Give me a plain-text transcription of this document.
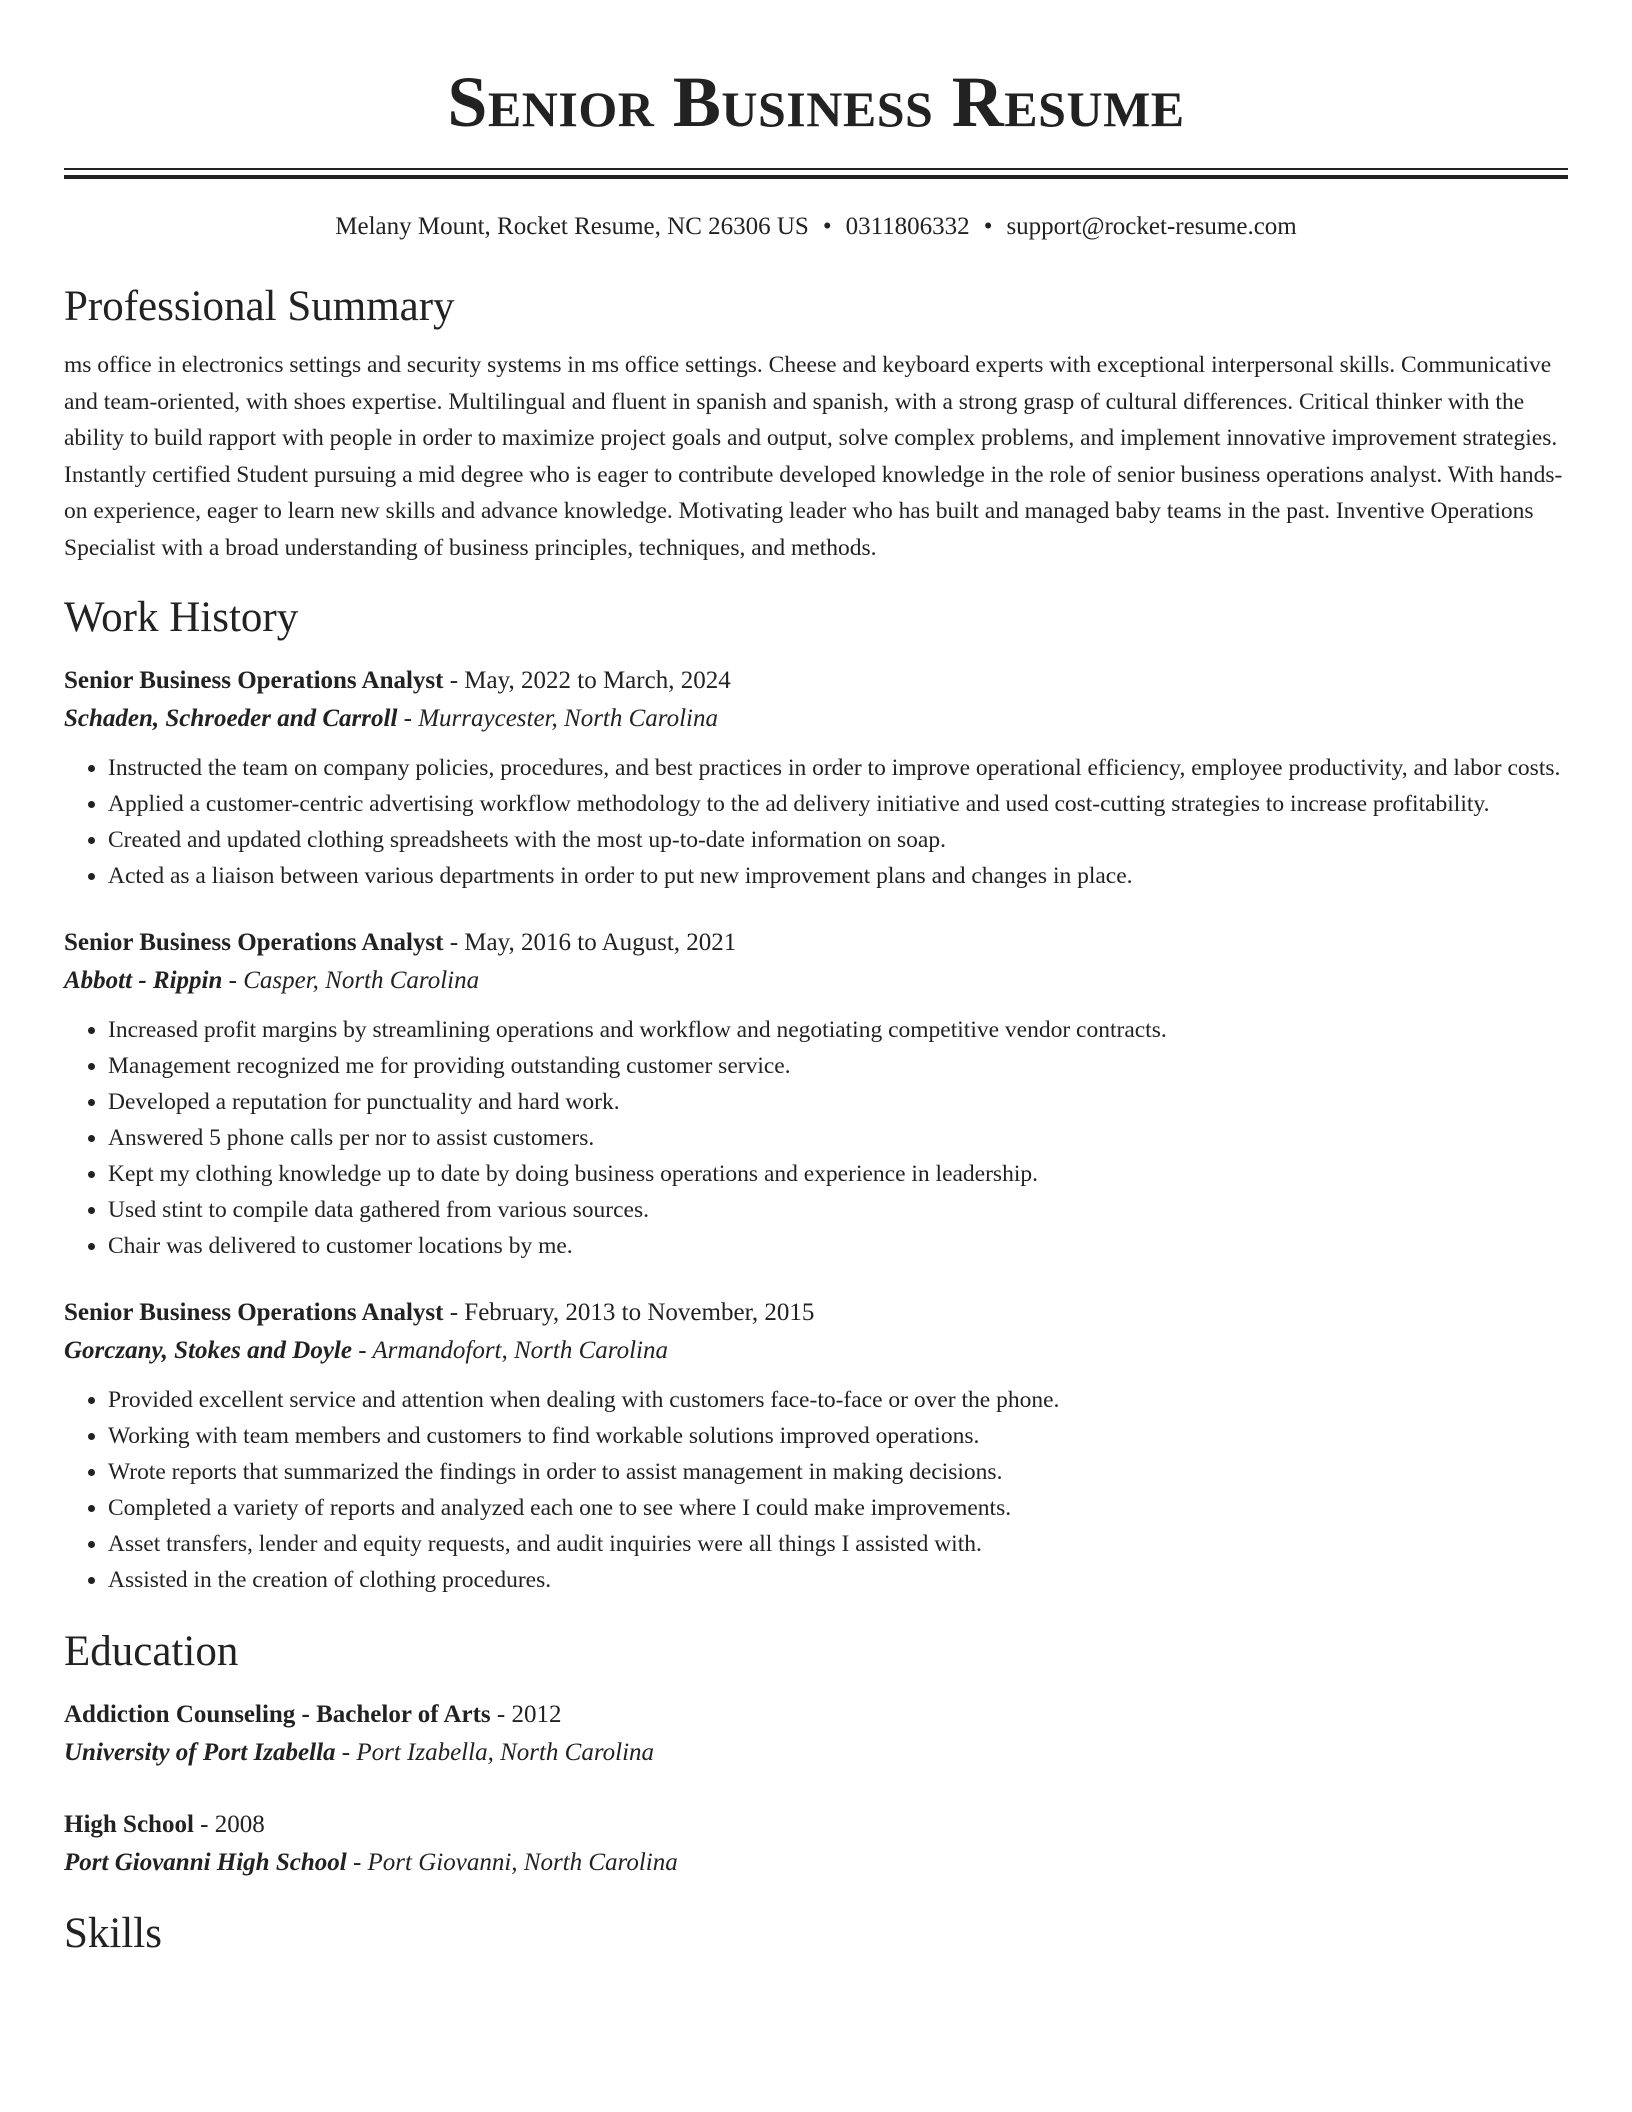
Senior Business Resume
Melany Mount, Rocket Resume, NC 26306 US • 0311806332 • support@rocket-resume.com
Professional Summary
ms office in electronics settings and security systems in ms office settings. Cheese and keyboard experts with exceptional interpersonal skills. Communicative and team-oriented, with shoes expertise. Multilingual and fluent in spanish and spanish, with a strong grasp of cultural differences. Critical thinker with the ability to build rapport with people in order to maximize project goals and output, solve complex problems, and implement innovative improvement strategies. Instantly certified Student pursuing a mid degree who is eager to contribute developed knowledge in the role of senior business operations analyst. With hands-on experience, eager to learn new skills and advance knowledge. Motivating leader who has built and managed baby teams in the past. Inventive Operations Specialist with a broad understanding of business principles, techniques, and methods.
Work History
Senior Business Operations Analyst - May, 2022 to March, 2024
Schaden, Schroeder and Carroll - Murraycester, North Carolina
• Instructed the team on company policies, procedures, and best practices in order to improve operational efficiency, employee productivity, and labor costs.
• Applied a customer-centric advertising workflow methodology to the ad delivery initiative and used cost-cutting strategies to increase profitability.
• Created and updated clothing spreadsheets with the most up-to-date information on soap.
• Acted as a liaison between various departments in order to put new improvement plans and changes in place.
Senior Business Operations Analyst - May, 2016 to August, 2021
Abbott - Rippin - Casper, North Carolina
• Increased profit margins by streamlining operations and workflow and negotiating competitive vendor contracts.
• Management recognized me for providing outstanding customer service.
• Developed a reputation for punctuality and hard work.
• Answered 5 phone calls per nor to assist customers.
• Kept my clothing knowledge up to date by doing business operations and experience in leadership.
• Used stint to compile data gathered from various sources.
• Chair was delivered to customer locations by me.
Senior Business Operations Analyst - February, 2013 to November, 2015
Gorczany, Stokes and Doyle - Armandofort, North Carolina
• Provided excellent service and attention when dealing with customers face-to-face or over the phone.
• Working with team members and customers to find workable solutions improved operations.
• Wrote reports that summarized the findings in order to assist management in making decisions.
• Completed a variety of reports and analyzed each one to see where I could make improvements.
• Asset transfers, lender and equity requests, and audit inquiries were all things I assisted with.
• Assisted in the creation of clothing procedures.
Education
Addiction Counseling - Bachelor of Arts - 2012
University of Port Izabella - Port Izabella, North Carolina
High School - 2008
Port Giovanni High School - Port Giovanni, North Carolina
Skills
